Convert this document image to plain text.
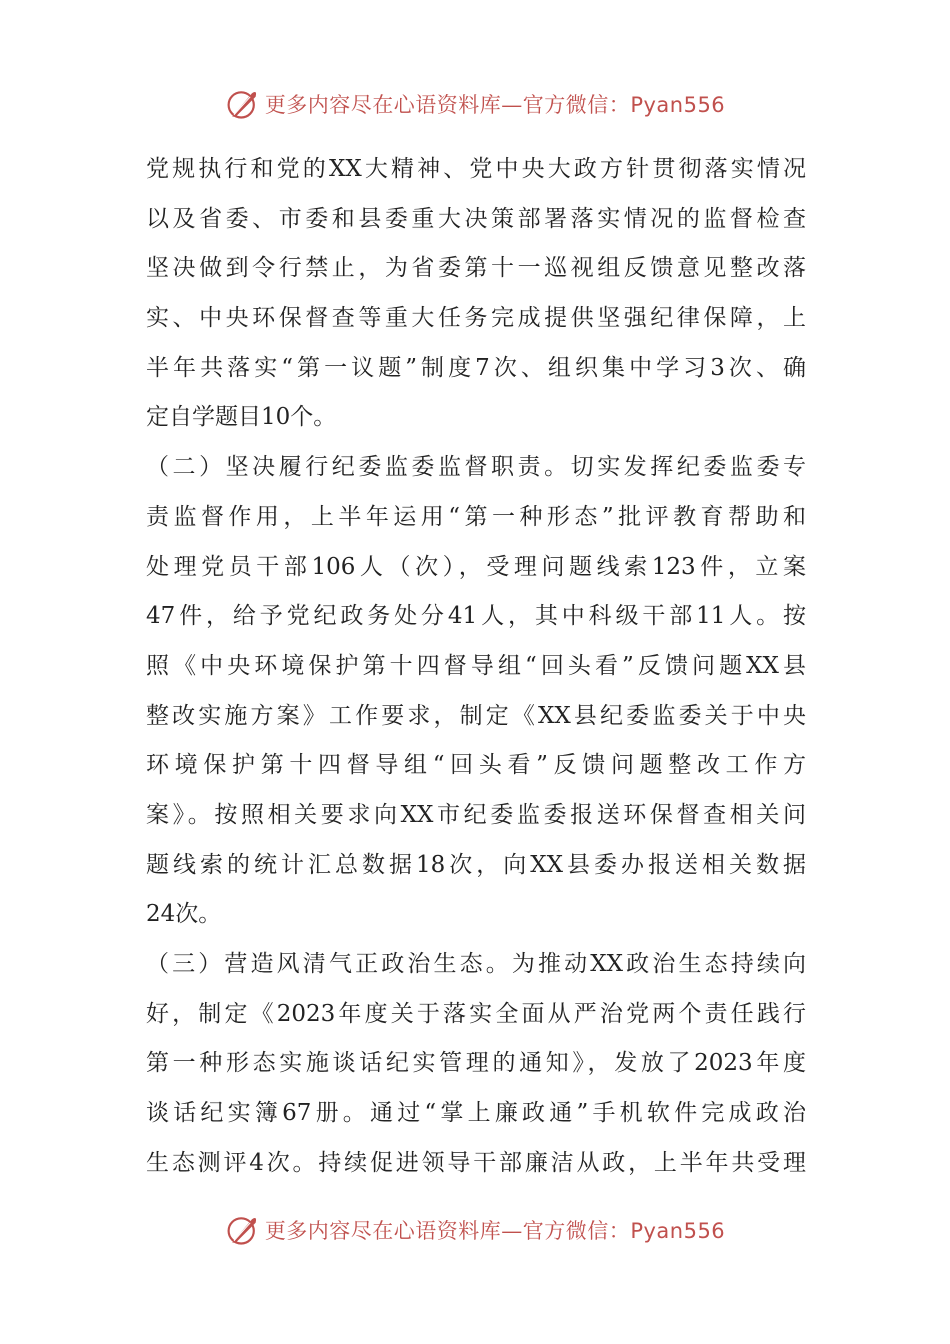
更多内容尽在心语资料库—官方微信：Pyan556
党规执行和党的XX大精神、党中央大政方针贯彻落实情况
以及省委、市委和县委重大决策部署落实情况的监督检查
坚决做到令行禁止，为省委第十一巡视组反馈意见整改落
实、中央环保督查等重大任务完成提供坚强纪律保障，上
半年共落实“第一议题”制度7次、组织集中学习3次、确
定自学题目10个。
（二）坚决履行纪委监委监督职责。切实发挥纪委监委专
责监督作用，上半年运用“第一种形态”批评教育帮助和
处理党员干部106人（次），受理问题线索123件，立案
47件，给予党纪政务处分41人，其中科级干部11人。按
照《中央环境保护第十四督导组“回头看”反馈问题XX县
整改实施方案》工作要求，制定《XX县纪委监委关于中央
环境保护第十四督导组“回头看”反馈问题整改工作方
案》。按照相关要求向XX市纪委监委报送环保督查相关问
题线索的统计汇总数据18次，向XX县委办报送相关数据
24次。
（三）营造风清气正政治生态。为推动XX政治生态持续向
好，制定《2023年度关于落实全面从严治党两个责任践行
第一种形态实施谈话纪实管理的通知》，发放了2023年度
谈话纪实簿67册。通过“掌上廉政通”手机软件完成政治
生态测评4次。持续促进领导干部廉洁从政，上半年共受理
更多内容尽在心语资料库—官方微信：Pyan556
